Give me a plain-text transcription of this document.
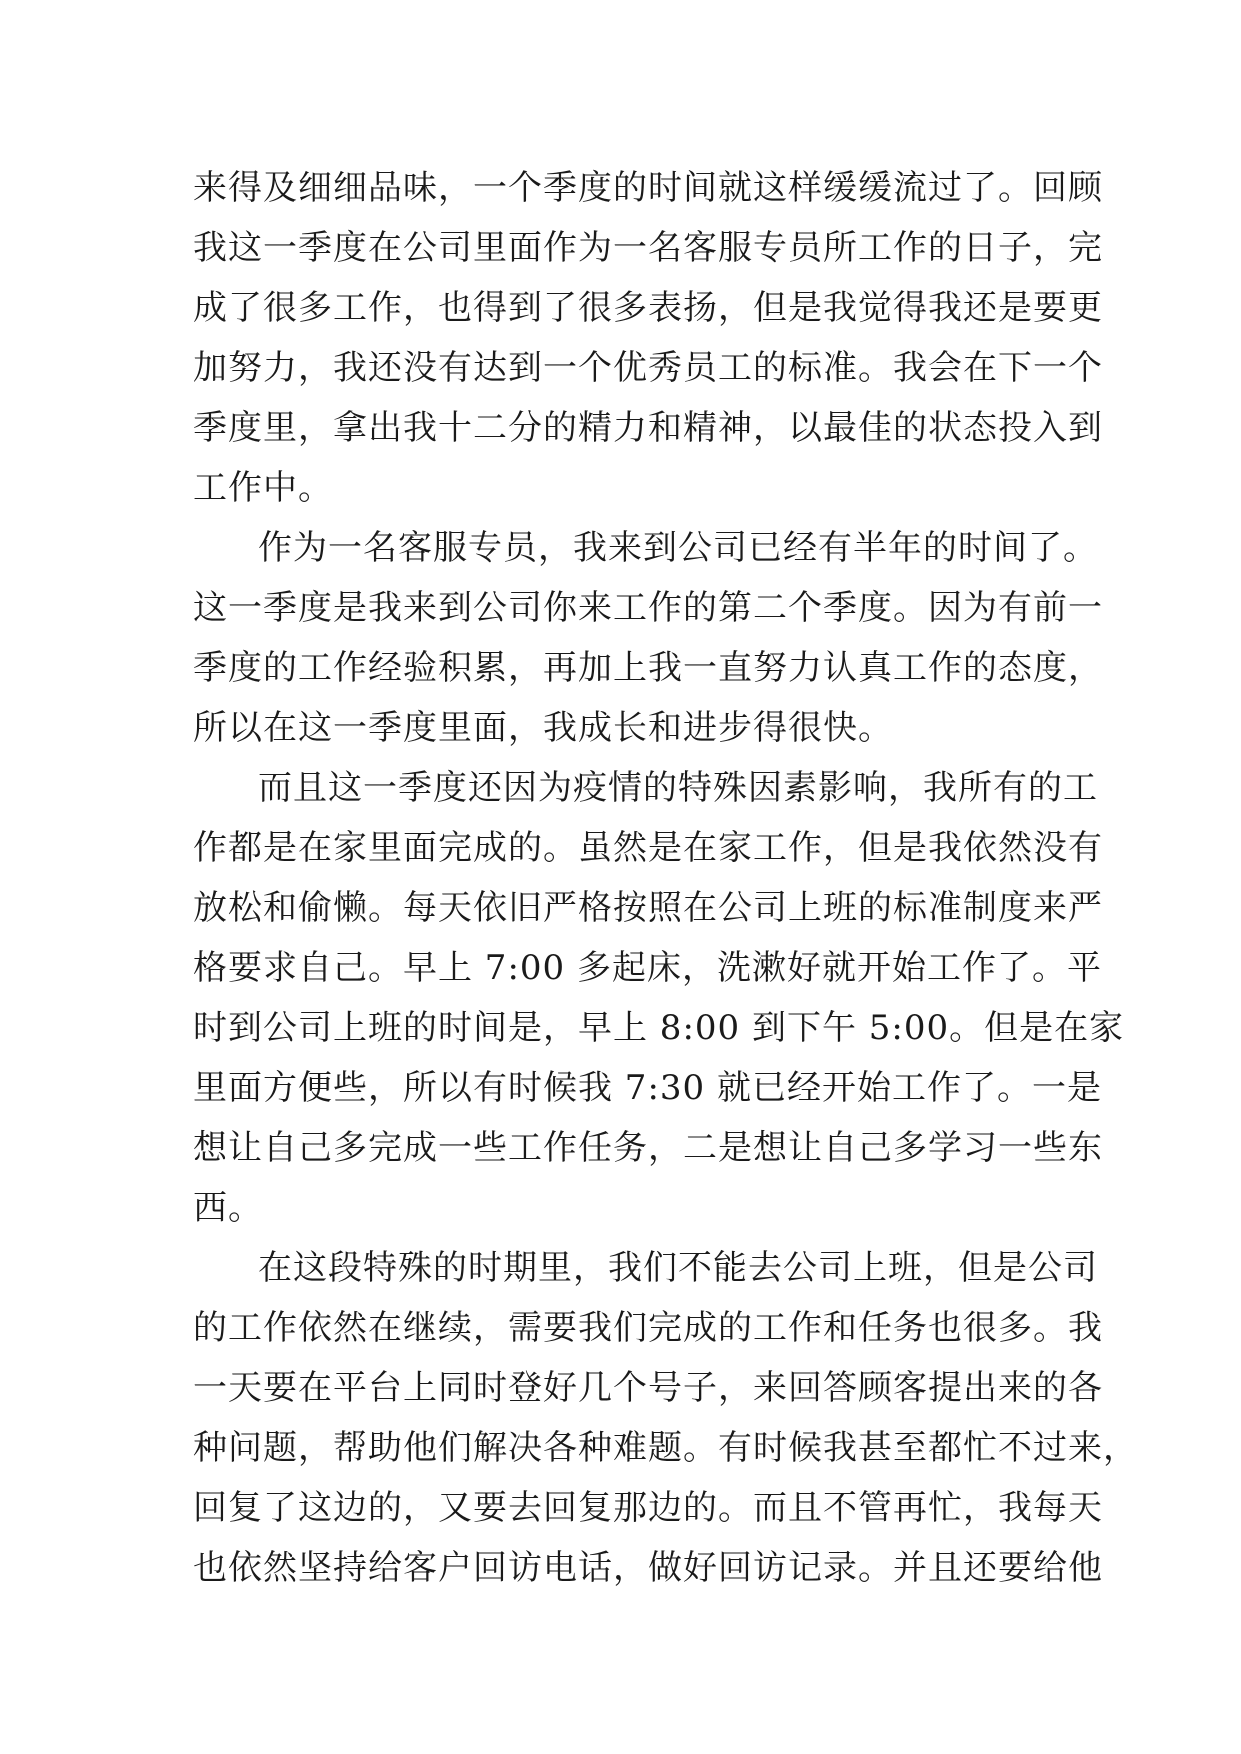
来得及细细品味，一个季度的时间就这样缓缓流过了。回顾
我这一季度在公司里面作为一名客服专员所工作的日子，完
成了很多工作，也得到了很多表扬，但是我觉得我还是要更
加努力，我还没有达到一个优秀员工的标准。我会在下一个
季度里，拿出我十二分的精力和精神，以最佳的状态投入到
工作中。
作为一名客服专员，我来到公司已经有半年的时间了。
这一季度是我来到公司你来工作的第二个季度。因为有前一
季度的工作经验积累，再加上我一直努力认真工作的态度，
所以在这一季度里面，我成长和进步得很快。
而且这一季度还因为疫情的特殊因素影响，我所有的工
作都是在家里面完成的。虽然是在家工作，但是我依然没有
放松和偷懒。每天依旧严格按照在公司上班的标准制度来严
格要求自己。早上 7:00 多起床，洗漱好就开始工作了。平
时到公司上班的时间是，早上 8:00 到下午 5:00。但是在家
里面方便些，所以有时候我 7:30 就已经开始工作了。一是
想让自己多完成一些工作任务，二是想让自己多学习一些东
西。
在这段特殊的时期里，我们不能去公司上班，但是公司
的工作依然在继续，需要我们完成的工作和任务也很多。我
一天要在平台上同时登好几个号子，来回答顾客提出来的各
种问题，帮助他们解决各种难题。有时候我甚至都忙不过来，
回复了这边的，又要去回复那边的。而且不管再忙，我每天
也依然坚持给客户回访电话，做好回访记录。并且还要给他
